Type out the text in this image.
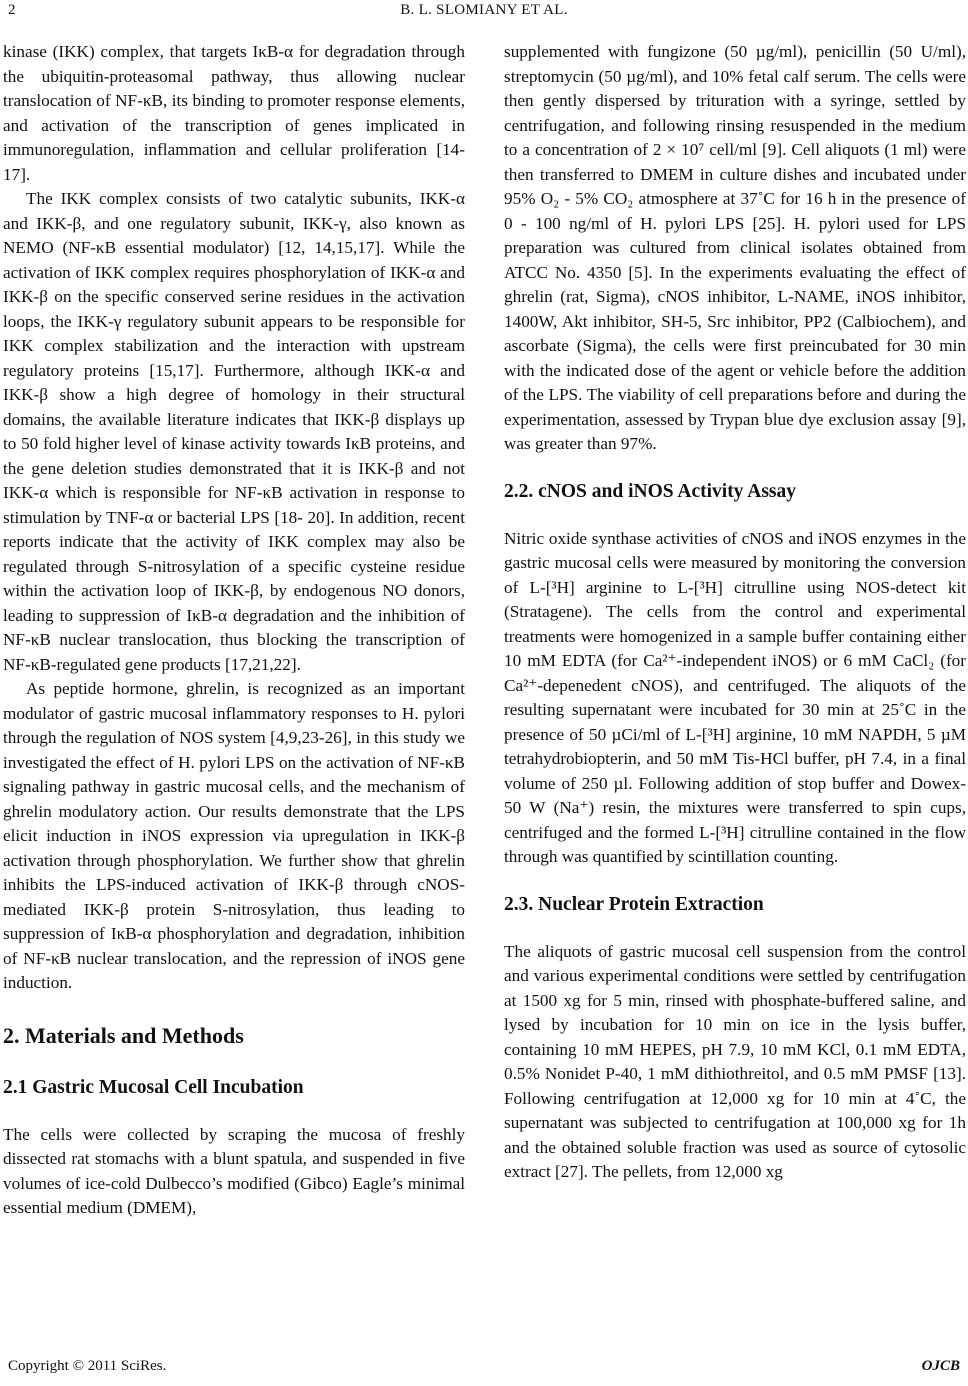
2	B. L. SLOMIANY ET AL.

kinase (IKK) complex, that targets IκB-α for degradation through the ubiquitin-proteasomal pathway, thus allowing nuclear translocation of NF-κB, its binding to promoter response elements, and activation of the transcription of genes implicated in immunoregulation, inflammation and cellular proliferation [14-17].

The IKK complex consists of two catalytic subunits, IKK-α and IKK-β, and one regulatory subunit, IKK-γ, also known as NEMO (NF-κB essential modulator) [12, 14,15,17]. While the activation of IKK complex requires phosphorylation of IKK-α and IKK-β on the specific conserved serine residues in the activation loops, the IKK-γ regulatory subunit appears to be responsible for IKK complex stabilization and the interaction with upstream regulatory proteins [15,17]. Furthermore, although IKK-α and IKK-β show a high degree of homology in their structural domains, the available literature indicates that IKK-β displays up to 50 fold higher level of kinase activity towards IκB proteins, and the gene deletion studies demonstrated that it is IKK-β and not IKK-α which is responsible for NF-κB activation in response to stimulation by TNF-α or bacterial LPS [18- 20]. In addition, recent reports indicate that the activity of IKK complex may also be regulated through S-nitrosylation of a specific cysteine residue within the activation loop of IKK-β, by endogenous NO donors, leading to suppression of IκB-α degradation and the inhibition of NF-κB nuclear translocation, thus blocking the transcription of NF-κB-regulated gene products [17,21,22].

As peptide hormone, ghrelin, is recognized as an important modulator of gastric mucosal inflammatory responses to H. pylori through the regulation of NOS system [4,9,23-26], in this study we investigated the effect of H. pylori LPS on the activation of NF-κB signaling pathway in gastric mucosal cells, and the mechanism of ghrelin modulatory action. Our results demonstrate that the LPS elicit induction in iNOS expression via upregulation in IKK-β activation through phosphorylation. We further show that ghrelin inhibits the LPS-induced activation of IKK-β through cNOS-mediated IKK-β protein S-nitrosylation, thus leading to suppression of IκB-α phosphorylation and degradation, inhibition of NF-κB nuclear translocation, and the repression of iNOS gene induction.

2. Materials and Methods
2.1 Gastric Mucosal Cell Incubation

The cells were collected by scraping the mucosa of freshly dissected rat stomachs with a blunt spatula, and suspended in five volumes of ice-cold Dulbecco’s modified (Gibco) Eagle’s minimal essential medium (DMEM),

supplemented with fungizone (50 µg/ml), penicillin (50 U/ml), streptomycin (50 µg/ml), and 10% fetal calf serum. The cells were then gently dispersed by trituration with a syringe, settled by centrifugation, and following rinsing resuspended in the medium to a concentration of 2 × 10⁷ cell/ml [9]. Cell aliquots (1 ml) were then transferred to DMEM in culture dishes and incubated under 95% O₂ - 5% CO₂ atmosphere at 37˚C for 16 h in the presence of 0 - 100 ng/ml of H. pylori LPS [25]. H. pylori used for LPS preparation was cultured from clinical isolates obtained from ATCC No. 4350 [5]. In the experiments evaluating the effect of ghrelin (rat, Sigma), cNOS inhibitor, L-NAME, iNOS inhibitor, 1400W, Akt inhibitor, SH-5, Src inhibitor, PP2 (Calbiochem), and ascorbate (Sigma), the cells were first preincubated for 30 min with the indicated dose of the agent or vehicle before the addition of the LPS. The viability of cell preparations before and during the experimentation, assessed by Trypan blue dye exclusion assay [9], was greater than 97%.

2.2. cNOS and iNOS Activity Assay

Nitric oxide synthase activities of cNOS and iNOS enzymes in the gastric mucosal cells were measured by monitoring the conversion of L-[³H] arginine to L-[³H] citrulline using NOS-detect kit (Stratagene). The cells from the control and experimental treatments were homogenized in a sample buffer containing either 10 mM EDTA (for Ca²⁺-independent iNOS) or 6 mM CaCl₂ (for Ca²⁺-depenedent cNOS), and centrifuged. The aliquots of the resulting supernatant were incubated for 30 min at 25˚C in the presence of 50 µCi/ml of L-[³H] arginine, 10 mM NAPDH, 5 µM tetrahydrobiopterin, and 50 mM Tis-HCl buffer, pH 7.4, in a final volume of 250 µl. Following addition of stop buffer and Dowex-50 W (Na⁺) resin, the mixtures were transferred to spin cups, centrifuged and the formed L-[³H] citrulline contained in the flow through was quantified by scintillation counting.

2.3. Nuclear Protein Extraction

The aliquots of gastric mucosal cell suspension from the control and various experimental conditions were settled by centrifugation at 1500 xg for 5 min, rinsed with phosphate-buffered saline, and lysed by incubation for 10 min on ice in the lysis buffer, containing 10 mM HEPES, pH 7.9, 10 mM KCl, 0.1 mM EDTA, 0.5% Nonidet P-40, 1 mM dithiothreitol, and 0.5 mM PMSF [13]. Following centrifugation at 12,000 xg for 10 min at 4˚C, the supernatant was subjected to centrifugation at 100,000 xg for 1h and the obtained soluble fraction was used as source of cytosolic extract [27]. The pellets, from 12,000 xg

Copyright © 2011 SciRes.	OJCB
